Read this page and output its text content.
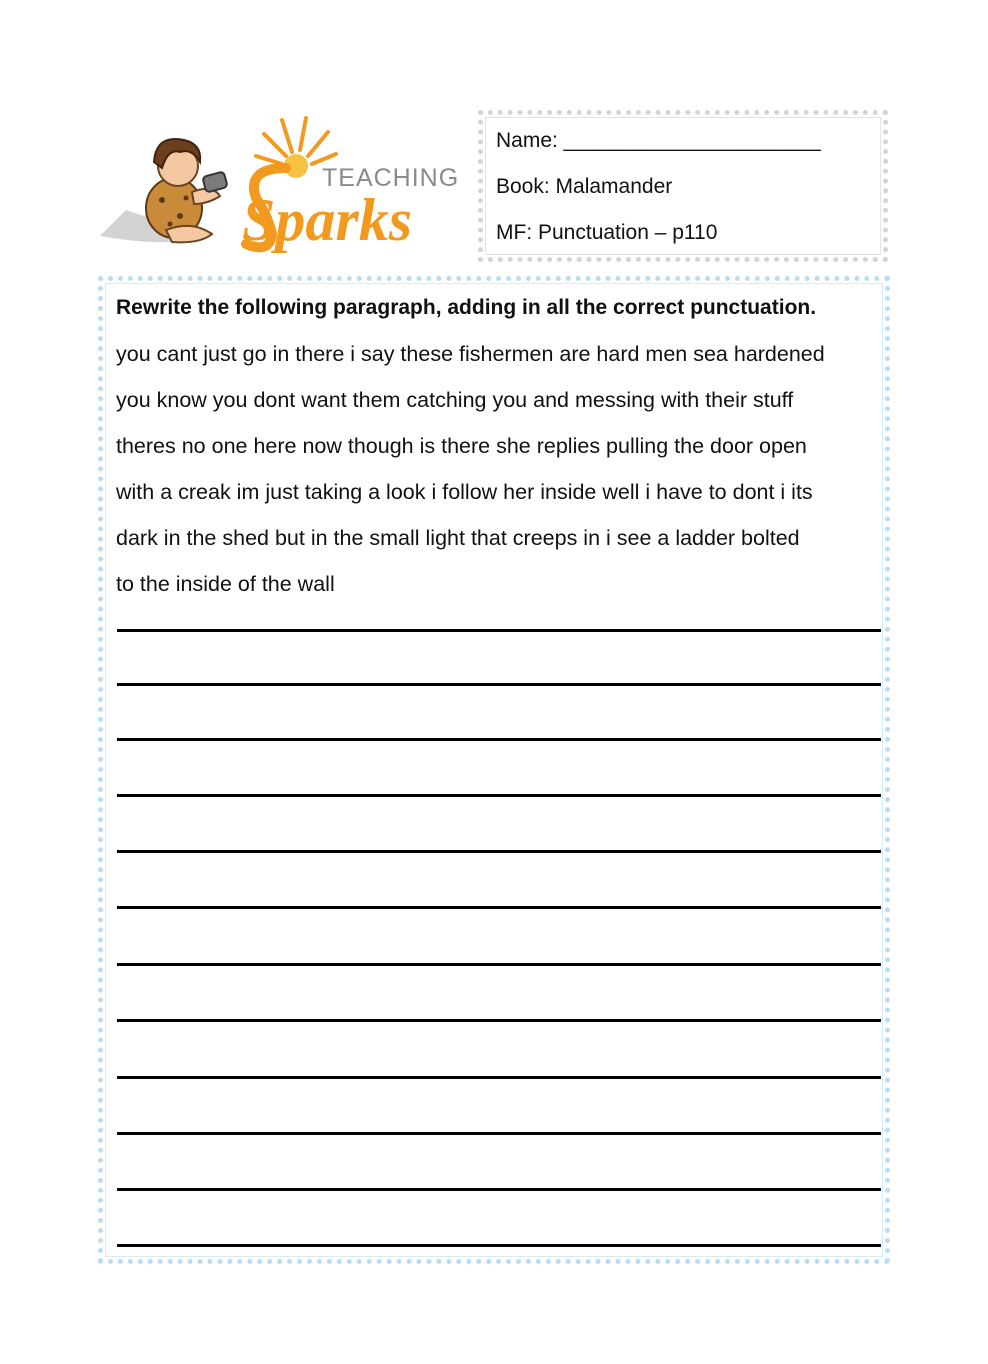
TEACHING
Sparks
Name: ______________________
Book: Malamander
MF: Punctuation – p110
Rewrite the following paragraph, adding in all the correct punctuation.
you cant just go in there i say these fishermen are hard men sea hardened
you know you dont want them catching you and messing with their stuff
theres no one here now though is there she replies pulling the door open
with a creak im just taking a look i follow her inside well i have to dont i its
dark in the shed but in the small light that creeps in i see a ladder bolted
to the inside of the wall
